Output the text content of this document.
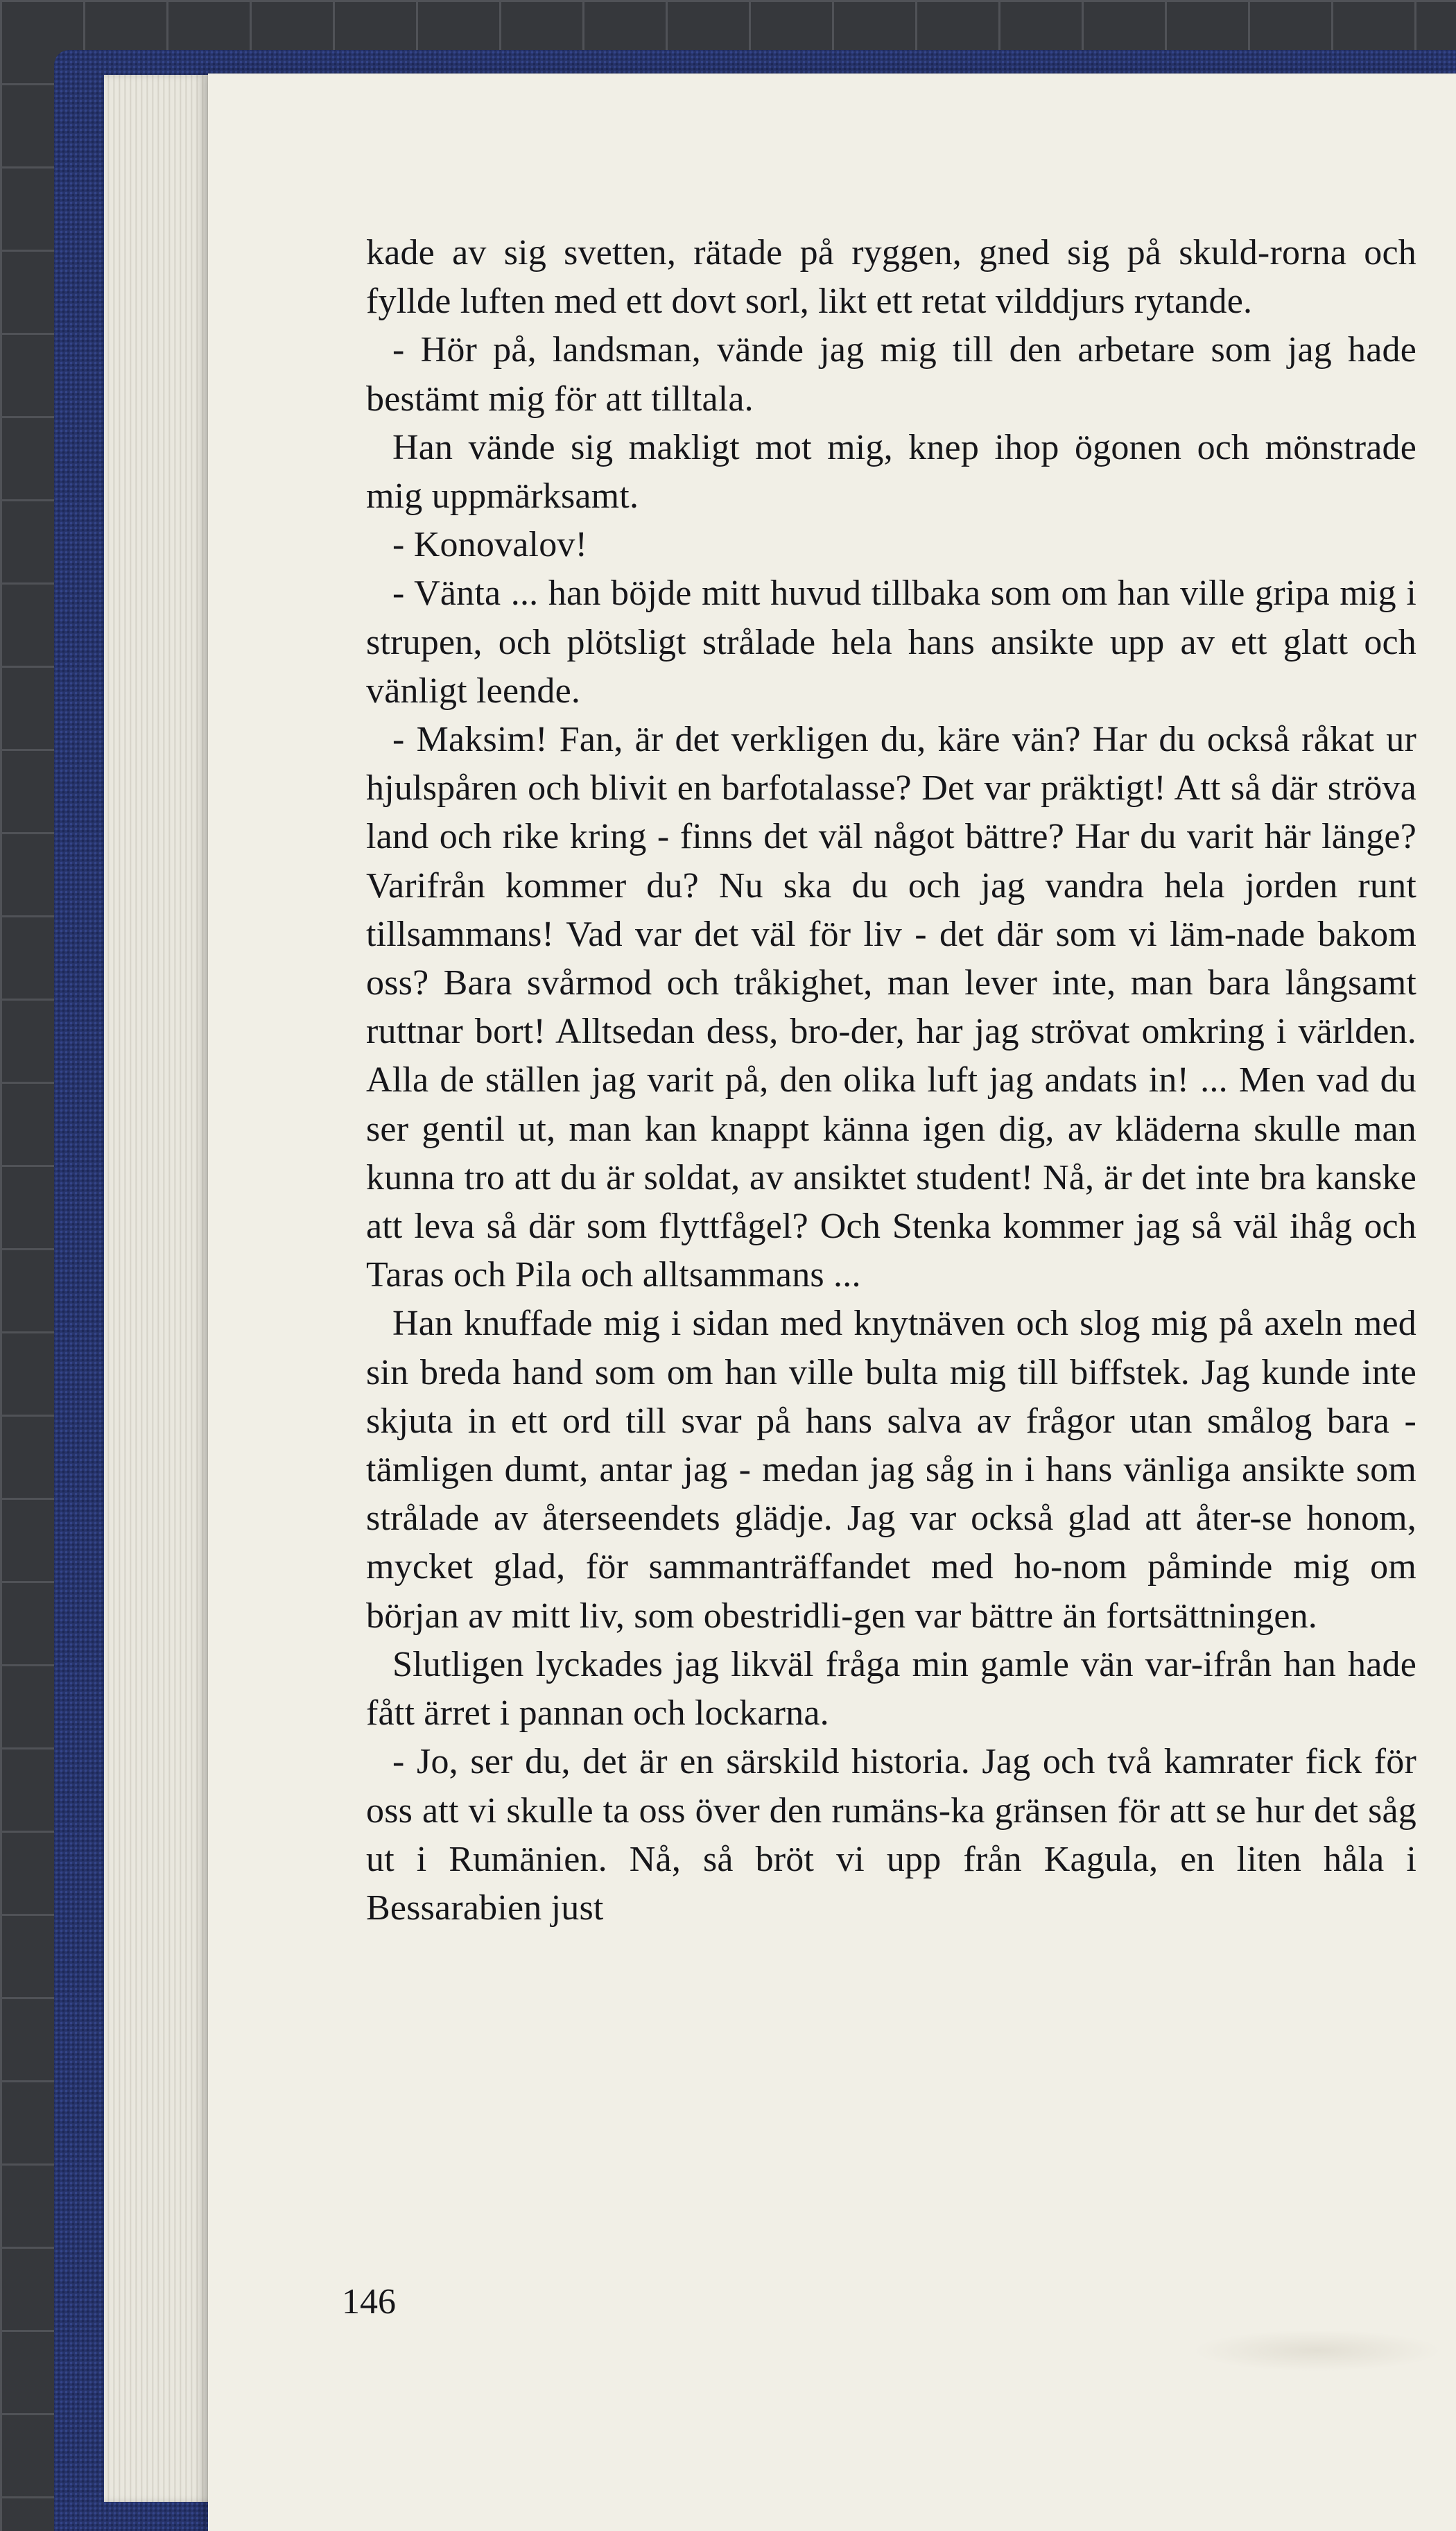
kade av sig svetten, rätade på ryggen, gned sig på skuld-rorna och fyllde luften med ett dovt sorl, likt ett retat vilddjurs rytande.

- Hör på, landsman, vände jag mig till den arbetare som jag hade bestämt mig för att tilltala.

Han vände sig makligt mot mig, knep ihop ögonen och mönstrade mig uppmärksamt.

- Konovalov!

- Vänta ... han böjde mitt huvud tillbaka som om han ville gripa mig i strupen, och plötsligt strålade hela hans ansikte upp av ett glatt och vänligt leende.

- Maksim! Fan, är det verkligen du, käre vän? Har du också råkat ur hjulspåren och blivit en barfotalasse? Det var präktigt! Att så där ströva land och rike kring - finns det väl något bättre? Har du varit här länge? Varifrån kommer du? Nu ska du och jag vandra hela jorden runt tillsammans! Vad var det väl för liv - det där som vi läm-nade bakom oss? Bara svårmod och tråkighet, man lever inte, man bara långsamt ruttnar bort! Alltsedan dess, bro-der, har jag strövat omkring i världen. Alla de ställen jag varit på, den olika luft jag andats in! ... Men vad du ser gentil ut, man kan knappt känna igen dig, av kläderna skulle man kunna tro att du är soldat, av ansiktet student! Nå, är det inte bra kanske att leva så där som flyttfågel? Och Stenka kommer jag så väl ihåg och Taras och Pila och alltsammans ...

Han knuffade mig i sidan med knytnäven och slog mig på axeln med sin breda hand som om han ville bulta mig till biffstek. Jag kunde inte skjuta in ett ord till svar på hans salva av frågor utan smålog bara - tämligen dumt, antar jag - medan jag såg in i hans vänliga ansikte som strålade av återseendets glädje. Jag var också glad att åter-se honom, mycket glad, för sammanträffandet med ho-nom påminde mig om början av mitt liv, som obestridli-gen var bättre än fortsättningen.

Slutligen lyckades jag likväl fråga min gamle vän var-ifrån han hade fått ärret i pannan och lockarna.

- Jo, ser du, det är en särskild historia. Jag och två kamrater fick för oss att vi skulle ta oss över den rumäns-ka gränsen för att se hur det såg ut i Rumänien. Nå, så bröt vi upp från Kagula, en liten håla i Bessarabien just

146
